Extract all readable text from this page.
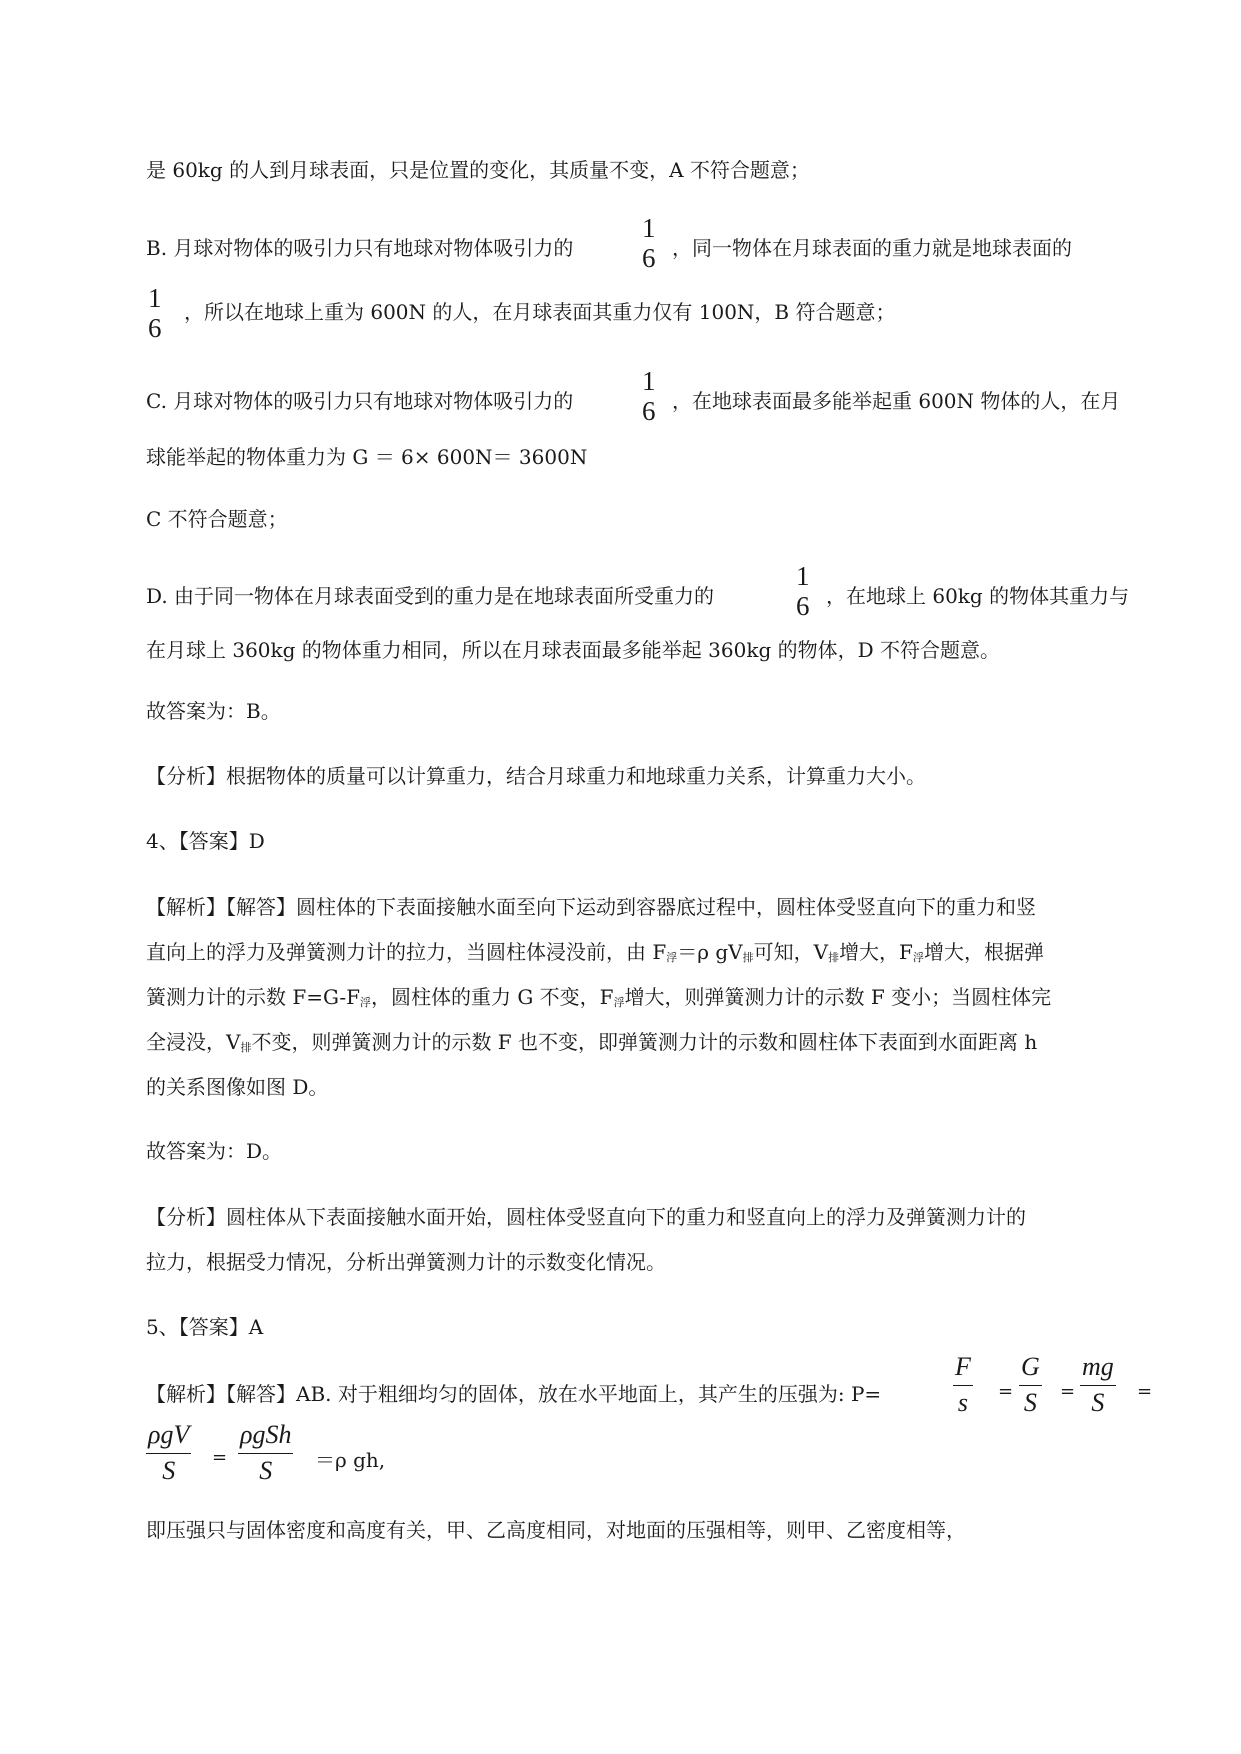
是 60kg 的人到月球表面，只是位置的变化，其质量不变，A 不符合题意；
B. 月球对物体的吸引力只有地球对物体吸引力的
1
6 ，同一物体在月球表面的重力就是地球表面的
1
6
，所以在地球上重为 600N 的人，在月球表面其重力仅有 100N，B 符合题意；
C. 月球对物体的吸引力只有地球对物体吸引力的
1
6 ，在地球表面最多能举起重 600N 物体的人，在月
球能举起的物体重力为 G ＝ 6× 600N＝ 3600N
C 不符合题意；
D. 由于同一物体在月球表面受到的重力是在地球表面所受重力的
1
6 ，在地球上 60kg 的物体其重力与
在月球上 360kg 的物体重力相同，所以在月球表面最多能举起 360kg 的物体，D 不符合题意。
故答案为：B。
【分析】根据物体的质量可以计算重力，结合月球重力和地球重力关系，计算重力大小。
4、【答案】D
【解析】【解答】圆柱体的下表面接触水面至向下运动到容器底过程中，圆柱体受竖直向下的重力和竖
直向上的浮力及弹簧测力计的拉力，当圆柱体浸没前，由 F浮＝ρ gV排可知，V排增大，F浮增大，根据弹
簧测力计的示数 F=G-F浮，圆柱体的重力 G 不变，F浮增大，则弹簧测力计的示数 F 变小；当圆柱体完
全浸没，V排不变，则弹簧测力计的示数 F 也不变，即弹簧测力计的示数和圆柱体下表面到水面距离 h
的关系图像如图 D。
故答案为：D。
【分析】圆柱体从下表面接触水面开始，圆柱体受竖直向下的重力和竖直向上的浮力及弹簧测力计的
拉力，根据受力情况，分析出弹簧测力计的示数变化情况。
5、【答案】A
【解析】【解答】AB. 对于粗细均匀的固体，放在水平地面上，其产生的压强为: P=
F
s =
G
S =
mg
S =
ρgV
S =
ρgSh
S ＝ρ gh,
即压强只与固体密度和高度有关，甲、乙高度相同，对地面的压强相等，则甲、乙密度相等，
